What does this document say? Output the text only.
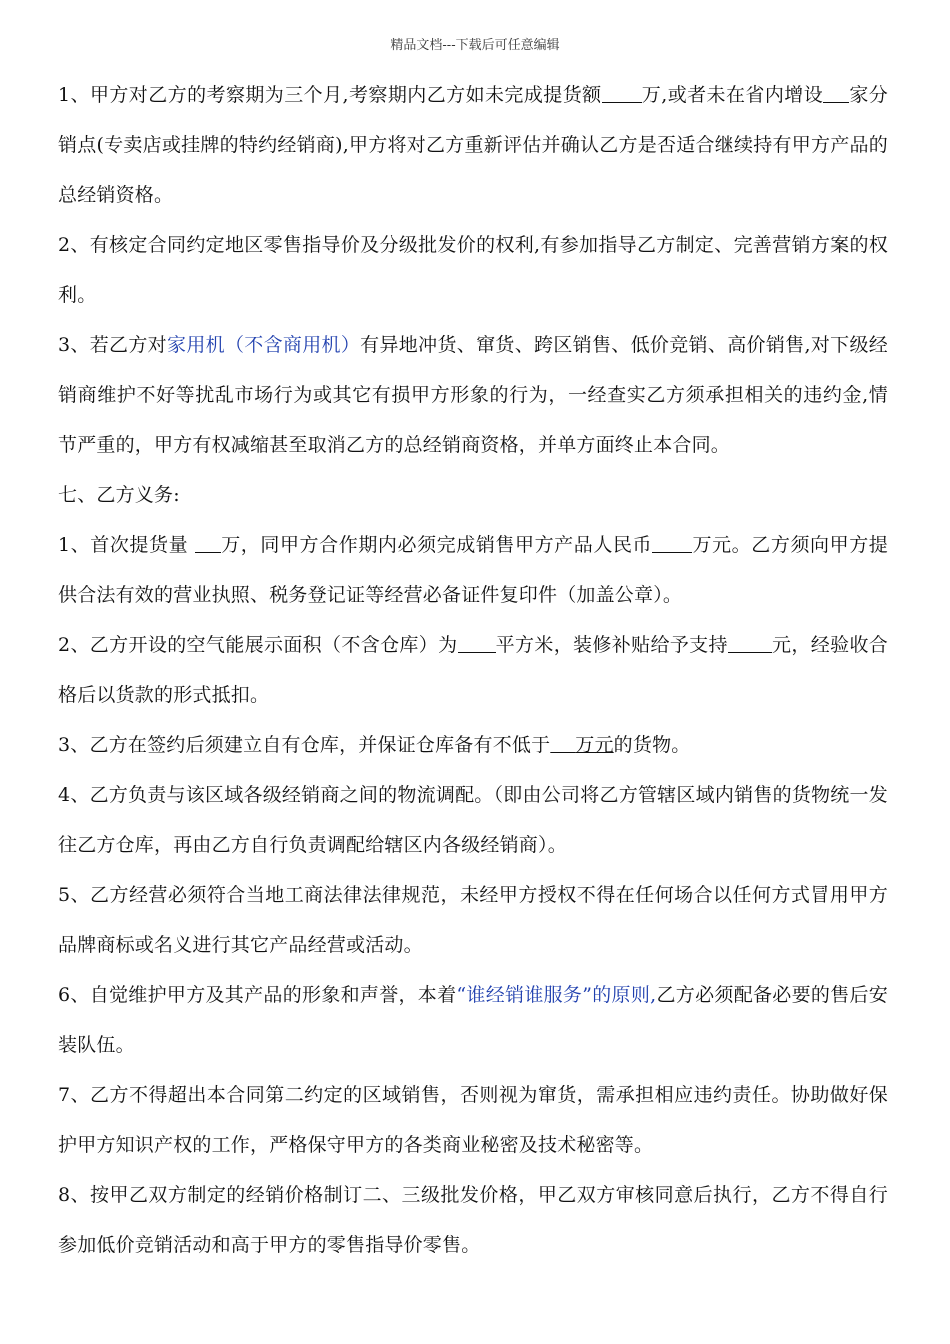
精品文档---下载后可任意编辑

1、甲方对乙方的考察期为三个月,考察期内乙方如未完成提货额 万,或者未在省内增设 家分销点(专卖店或挂牌的特约经销商),甲方将对乙方重新评估并确认乙方是否适合继续持有甲方产品的总经销资格。

2、有核定合同约定地区零售指导价及分级批发价的权利,有参加指导乙方制定、完善营销方案的权利。

3、若乙方对家用机（不含商用机）有异地冲货、窜货、跨区销售、低价竞销、高价销售,对下级经销商维护不好等扰乱市场行为或其它有损甲方形象的行为，一经查实乙方须承担相关的违约金,情节严重的，甲方有权减缩甚至取消乙方的总经销商资格，并单方面终止本合同。

七、乙方义务:

1、首次提货量 万，同甲方合作期内必须完成销售甲方产品人民币 万元。乙方须向甲方提供合法有效的营业执照、税务登记证等经营必备证件复印件（加盖公章）。

2、乙方开设的空气能展示面积（不含仓库）为 平方米，装修补贴给予支持 元，经验收合格后以货款的形式抵扣。

3、乙方在签约后须建立自有仓库，并保证仓库备有不低于 万元的货物。

4、乙方负责与该区域各级经销商之间的物流调配。（即由公司将乙方管辖区域内销售的货物统一发往乙方仓库，再由乙方自行负责调配给辖区内各级经销商）。

5、乙方经营必须符合当地工商法律法律规范，未经甲方授权不得在任何场合以任何方式冒用甲方品牌商标或名义进行其它产品经营或活动。

6、自觉维护甲方及其产品的形象和声誉，本着“谁经销谁服务”的原则,乙方必须配备必要的售后安装队伍。

7、乙方不得超出本合同第二约定的区域销售，否则视为窜货，需承担相应违约责任。协助做好保护甲方知识产权的工作，严格保守甲方的各类商业秘密及技术秘密等。

8、按甲乙双方制定的经销价格制订二、三级批发价格，甲乙双方审核同意后执行，乙方不得自行参加低价竞销活动和高于甲方的零售指导价零售。
